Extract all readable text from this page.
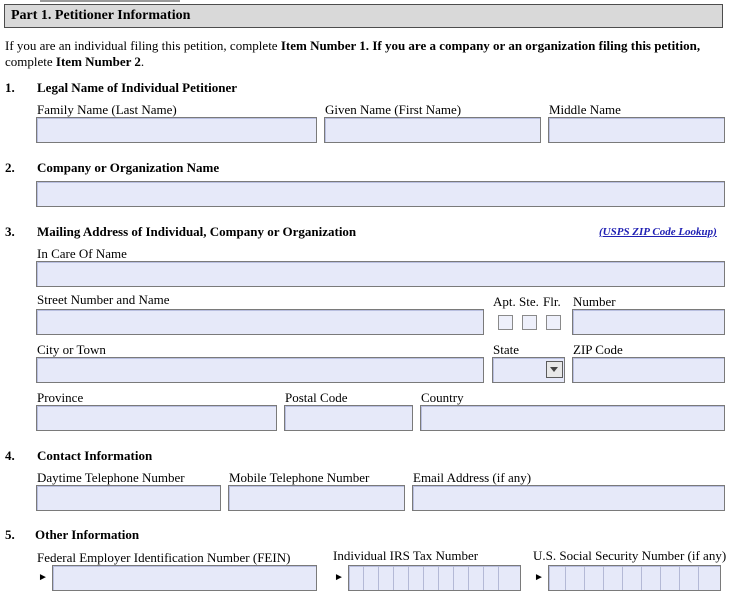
Part 1. Petitioner Information
If you are an individual filing this petition, complete Item Number 1. If you are a company or an organization filing this petition,
complete Item Number 2.
1. Legal Name of Individual Petitioner
Family Name (Last Name)	Given Name (First Name)	Middle Name
2. Company or Organization Name
3. Mailing Address of Individual, Company or Organization	(USPS ZIP Code Lookup)
In Care Of Name
Street Number and Name	Apt. Ste. Flr. Number
City or Town	State	ZIP Code
Province	Postal Code	Country
4. Contact Information
Daytime Telephone Number	Mobile Telephone Number	Email Address (if any)
5. Other Information
Federal Employer Identification Number (FEIN)	Individual IRS Tax Number	U.S. Social Security Number (if any)
►	►	►
